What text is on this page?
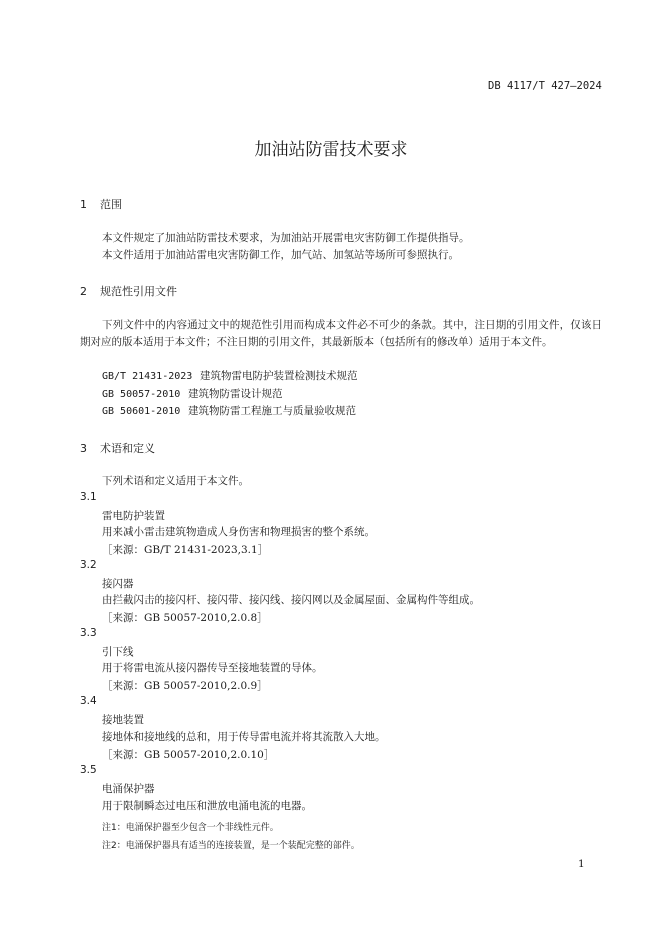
DB 4117/T 427—2024
加油站防雷技术要求
1 范围
本文件规定了加油站防雷技术要求，为加油站开展雷电灾害防御工作提供指导。
本文件适用于加油站雷电灾害防御工作，加气站、加氢站等场所可参照执行。
2 规范性引用文件
下列文件中的内容通过文中的规范性引用而构成本文件必不可少的条款。其中，注日期的引用文件，仅该日期对应的版本适用于本文件；不注日期的引用文件，其最新版本（包括所有的修改单）适用于本文件。
GB/T 21431-2023 建筑物雷电防护装置检测技术规范
GB 50057-2010 建筑物防雷设计规范
GB 50601-2010 建筑物防雷工程施工与质量验收规范
3 术语和定义
下列术语和定义适用于本文件。
3.1
雷电防护装置
用来减小雷击建筑物造成人身伤害和物理损害的整个系统。
［来源：GB/T 21431-2023,3.1］
3.2
接闪器
由拦截闪击的接闪杆、接闪带、接闪线、接闪网以及金属屋面、金属构件等组成。
［来源：GB 50057-2010,2.0.8］
3.3
引下线
用于将雷电流从接闪器传导至接地装置的导体。
［来源：GB 50057-2010,2.0.9］
3.4
接地装置
接地体和接地线的总和，用于传导雷电流并将其流散入大地。
［来源：GB 50057-2010,2.0.10］
3.5
电涌保护器
用于限制瞬态过电压和泄放电涌电流的电器。
注1：电涌保护器至少包含一个非线性元件。
注2：电涌保护器具有适当的连接装置，是一个装配完整的部件。
1
